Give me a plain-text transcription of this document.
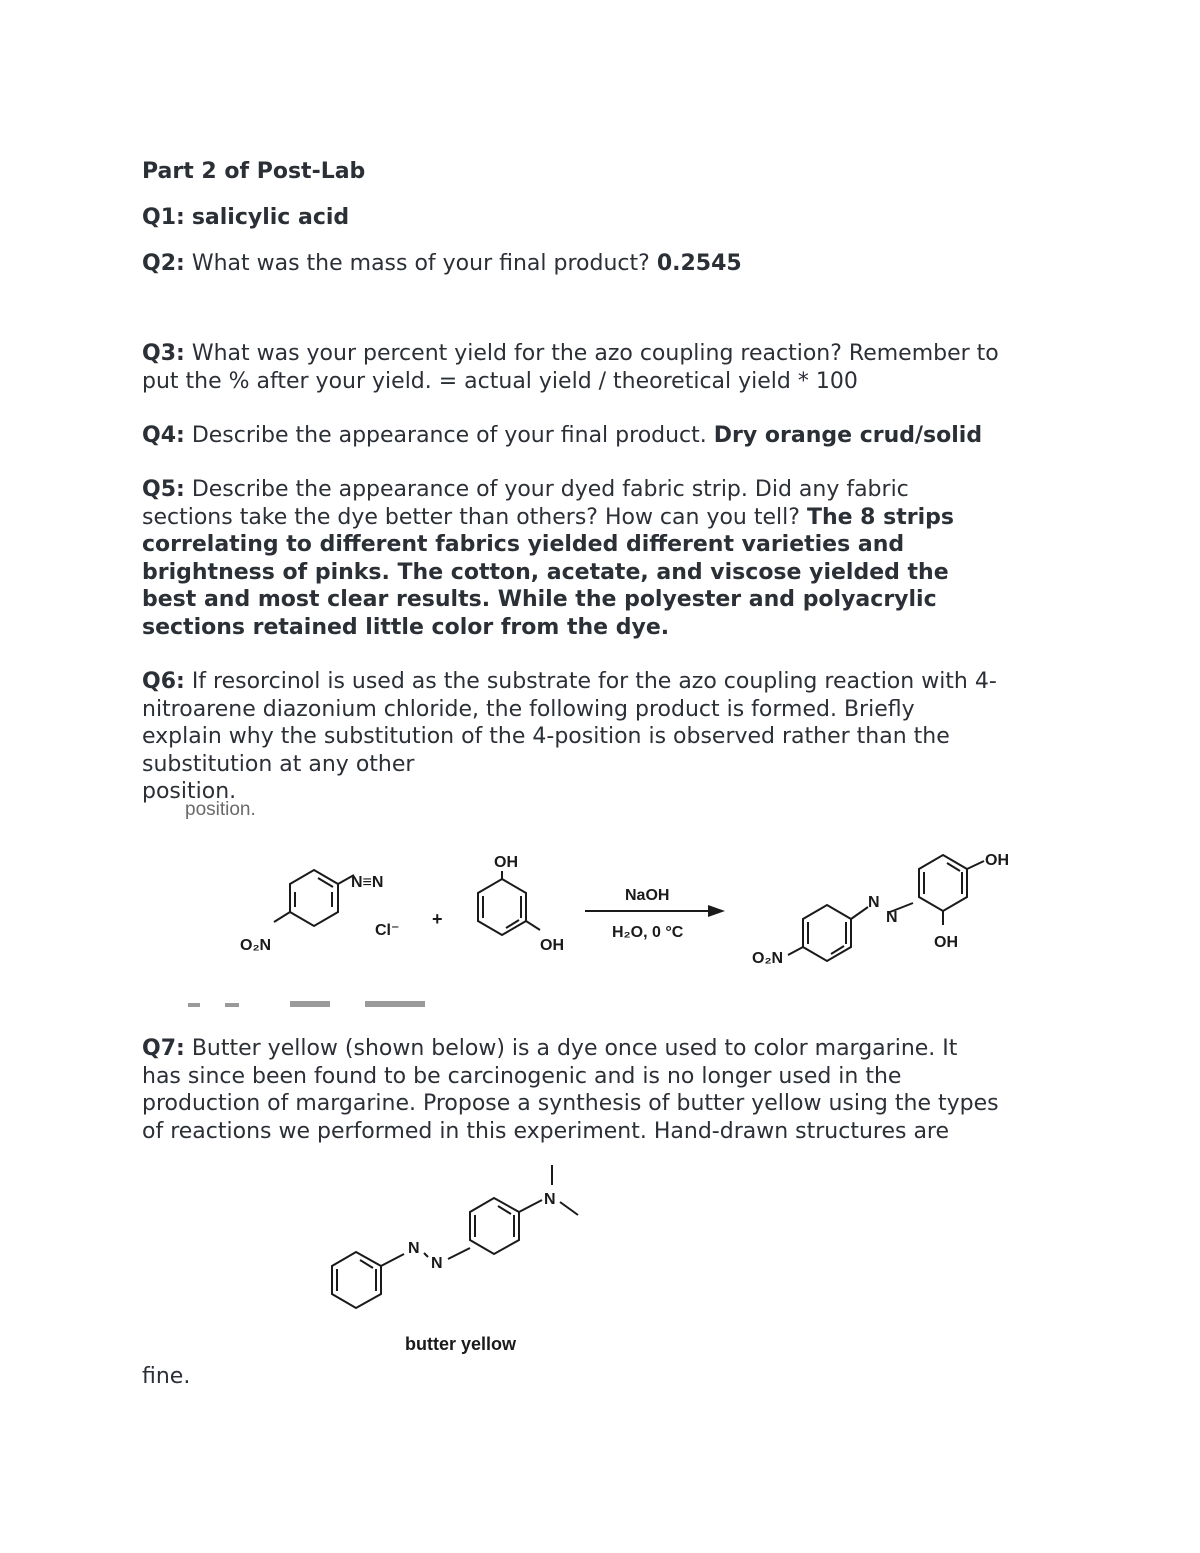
Part 2 of Post-Lab

Q1: salicylic acid

Q2: What was the mass of your final product? 0.2545

Q3: What was your percent yield for the azo coupling reaction? Remember to
put the % after your yield. = actual yield / theoretical yield * 100

Q4: Describe the appearance of your final product. Dry orange crud/solid

Q5: Describe the appearance of your dyed fabric strip. Did any fabric
sections take the dye better than others? How can you tell? The 8 strips
correlating to different fabrics yielded different varieties and
brightness of pinks. The cotton, acetate, and viscose yielded the
best and most clear results. While the polyester and polyacrylic
sections retained little color from the dye.

Q6: If resorcinol is used as the substrate for the azo coupling reaction with 4-
nitroarene diazonium chloride, the following product is formed. Briefly
explain why the substitution of the 4-position is observed rather than the
substitution at any other
position.

position.
N≡N
O₂N
Cl⁻
+
OH
OH
NaOH
H₂O, 0 °C
N
N
OH
OH
O₂N

Q7: Butter yellow (shown below) is a dye once used to color margarine. It
has since been found to be carcinogenic and is no longer used in the
production of margarine. Propose a synthesis of butter yellow using the types
of reactions we performed in this experiment. Hand-drawn structures are

N
N
N
butter yellow

fine.
